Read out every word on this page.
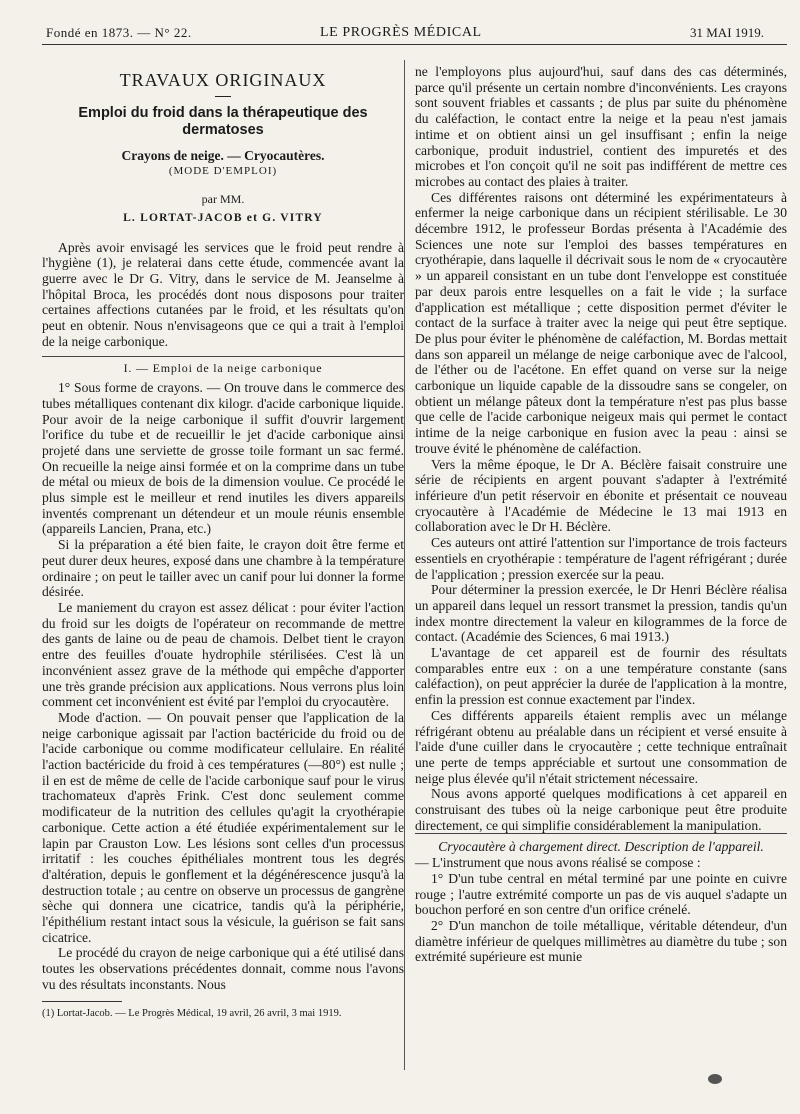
Fondé en 1873. — N° 22.	LE PROGRÈS MÉDICAL	31 MAI 1919.
TRAVAUX ORIGINAUX
Emploi du froid dans la thérapeutique des dermatoses
Crayons de neige. — Cryocautères.
(MODE D'EMPLOI)
par MM.
L. LORTAT-JACOB et G. VITRY

Après avoir envisagé les services que le froid peut rendre à l'hygiène (1), je relaterai dans cette étude, commencée avant la guerre avec le Dr G. Vitry, dans le service de M. Jeanselme à l'hôpital Broca, les procédés dont nous disposons pour traiter certaines affections cutanées par le froid, et les résultats qu'on peut en obtenir. Nous n'envisageons que ce qui a trait à l'emploi de la neige carbonique.

I. — Emploi de la neige carbonique

1° Sous forme de crayons. — On trouve dans le commerce des tubes métalliques contenant dix kilogr. d'acide carbonique liquide. Pour avoir de la neige carbonique il suffit d'ouvrir largement l'orifice du tube et de recueillir le jet d'acide carbonique ainsi projeté dans une serviette de grosse toile formant un sac fermé. On recueille la neige ainsi formée et on la comprime dans un tube de métal ou mieux de bois de la dimension voulue. Ce procédé le plus simple est le meilleur et rend inutiles les divers appareils inventés comprenant un détendeur et un moule réunis ensemble (appareils Lancien, Prana, etc.)

Si la préparation a été bien faite, le crayon doit être ferme et peut durer deux heures, exposé dans une chambre à la température ordinaire ; on peut le tailler avec un canif pour lui donner la forme désirée.

Le maniement du crayon est assez délicat : pour éviter l'action du froid sur les doigts de l'opérateur on recommande de mettre des gants de laine ou de peau de chamois. Delbet tient le crayon entre des feuilles d'ouate hydrophile stérilisées. C'est là un inconvénient assez grave de la méthode qui empêche d'apporter une très grande précision aux applications. Nous verrons plus loin comment cet inconvénient est évité par l'emploi du cryocautère.

Mode d'action. — On pouvait penser que l'application de la neige carbonique agissait par l'action bactéricide du froid ou de l'acide carbonique ou comme modificateur cellulaire. En réalité l'action bactéricide du froid à ces températures (—80°) est nulle ; il en est de même de celle de l'acide carbonique sauf pour le virus trachomateux d'après Frink. C'est donc seulement comme modificateur de la nutrition des cellules qu'agit la cryothérapie carbonique. Cette action a été étudiée expérimentalement sur le lapin par Crauston Low. Les lésions sont celles d'un processus irritatif : les couches épithéliales montrent tous les degrés d'altération, depuis le gonflement et la dégénérescence jusqu'à la destruction totale ; au centre on observe un processus de gangrène sèche qui donnera une cicatrice, tandis qu'à la périphérie, l'épithélium restant intact sous la vésicule, la guérison se fait sans cicatrice.

Le procédé du crayon de neige carbonique qui a été utilisé dans toutes les observations précédentes donnait, comme nous l'avons vu des résultats inconstants. Nous

(1) Lortat-Jacob. — Le Progrès Médical, 19 avril, 26 avril, 3 mai 1919.

ne l'employons plus aujourd'hui, sauf dans des cas déterminés, parce qu'il présente un certain nombre d'inconvénients. Les crayons sont souvent friables et cassants ; de plus par suite du phénomène du caléfaction, le contact entre la neige et la peau n'est jamais intime et on obtient ainsi un gel insuffisant ; enfin la neige carbonique, produit industriel, contient des impuretés et des microbes et l'on conçoit qu'il ne soit pas indifférent de mettre ces microbes au contact des plaies à traiter.

Ces différentes raisons ont déterminé les expérimentateurs à enfermer la neige carbonique dans un récipient stérilisable. Le 30 décembre 1912, le professeur Bordas présenta à l'Académie des Sciences une note sur l'emploi des basses températures en cryothérapie, dans laquelle il décrivait sous le nom de « cryocautère » un appareil consistant en un tube dont l'enveloppe est constituée par deux parois entre lesquelles on a fait le vide ; la surface d'application est métallique ; cette disposition permet d'éviter le contact de la surface à traiter avec la neige qui peut être septique. De plus pour éviter le phénomène de caléfaction, M. Bordas mettait dans son appareil un mélange de neige carbonique avec de l'alcool, de l'éther ou de l'acétone. En effet quand on verse sur la neige carbonique un liquide capable de la dissoudre sans se congeler, on obtient un mélange pâteux dont la température n'est pas plus basse que celle de l'acide carbonique neigeux mais qui permet le contact intime de la neige carbonique en fusion avec la peau : ainsi se trouve évité le phénomène de caléfaction.

Vers la même époque, le Dr A. Béclère faisait construire une série de récipients en argent pouvant s'adapter à l'extrémité inférieure d'un petit réservoir en ébonite et présentait ce nouveau cryocautère à l'Académie de Médecine le 13 mai 1913 en collaboration avec le Dr H. Béclère.

Ces auteurs ont attiré l'attention sur l'importance de trois facteurs essentiels en cryothérapie : température de l'agent réfrigérant ; durée de l'application ; pression exercée sur la peau.

Pour déterminer la pression exercée, le Dr Henri Béclère réalisa un appareil dans lequel un ressort transmet la pression, tandis qu'un index montre directement la valeur en kilogrammes de la force de contact. (Académie des Sciences, 6 mai 1913.)

L'avantage de cet appareil est de fournir des résultats comparables entre eux : on a une température constante (sans caléfaction), on peut apprécier la durée de l'application à la montre, enfin la pression est connue exactement par l'index.

Ces différents appareils étaient remplis avec un mélange réfrigérant obtenu au préalable dans un récipient et versé ensuite à l'aide d'une cuiller dans le cryocautère ; cette technique entraînait une perte de temps appréciable et surtout une consommation de neige plus élevée qu'il n'était strictement nécessaire.

Nous avons apporté quelques modifications à cet appareil en construisant des tubes où la neige carbonique peut être produite directement, ce qui simplifie considérablement la manipulation.

Cryocautère à chargement direct. Description de l'appareil.

— L'instrument que nous avons réalisé se compose :

1° D'un tube central en métal terminé par une pointe en cuivre rouge ; l'autre extrémité comporte un pas de vis auquel s'adapte un bouchon perforé en son centre d'un orifice crénelé.

2° D'un manchon de toile métallique, véritable détendeur, d'un diamètre inférieur de quelques millimètres au diamètre du tube ; son extrémité supérieure est munie
